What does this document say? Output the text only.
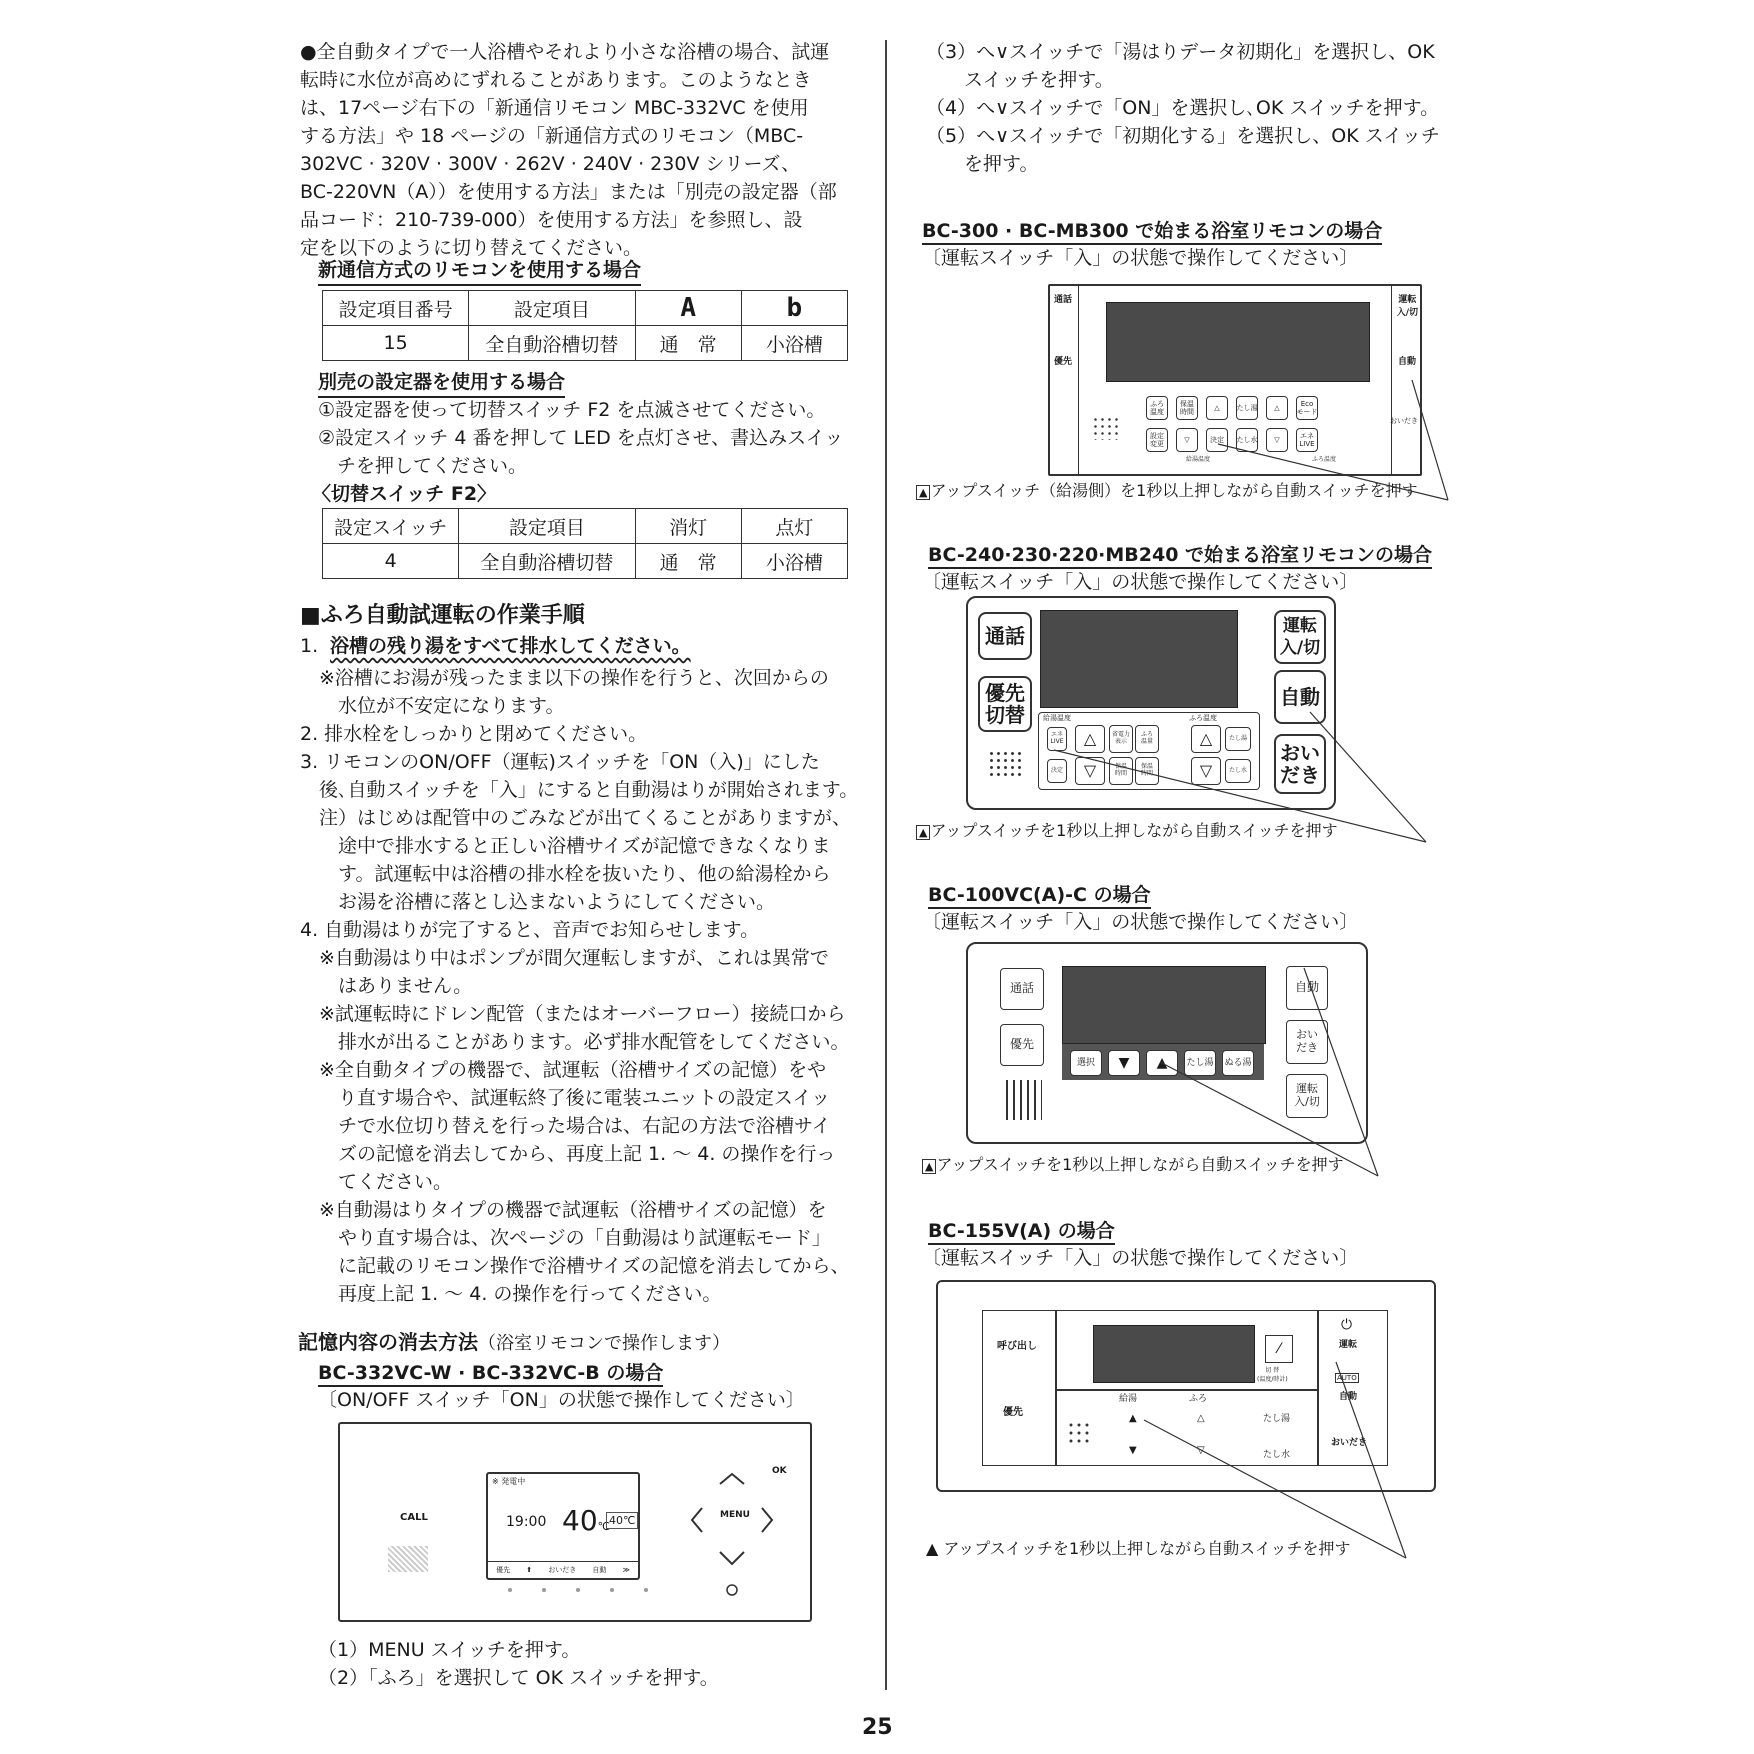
●全自動タイプで一人浴槽やそれより小さな浴槽の場合、試運
転時に水位が高めにずれることがあります。このようなとき
は、17ページ右下の「新通信リモコン MBC-332VC を使用
する方法」や 18 ページの「新通信方式のリモコン（MBC-
302VC · 320V · 300V · 262V · 240V · 230V シリーズ、
BC-220VN（A））を使用する方法」または「別売の設定器（部
品コード：210-739-000）を使用する方法」を参照し、設
定を以下のように切り替えてください。
新通信方式のリモコンを使用する場合
設定項目番号	設定項目	A	b
15	全自動浴槽切替	通　常	小浴槽
別売の設定器を使用する場合
①設定器を使って切替スイッチ F2 を点滅させてください。
②設定スイッチ 4 番を押して LED を点灯させ、書込みスイッ
　チを押してください。
〈切替スイッチ F2〉
設定スイッチ	設定項目	消灯	点灯
4	全自動浴槽切替	通　常	小浴槽
■ふろ自動試運転の作業手順
1. 浴槽の残り湯をすべて排水してください。
　※浴槽にお湯が残ったまま以下の操作を行うと、次回からの
　　水位が不安定になります。
2. 排水栓をしっかりと閉めてください。
3. リモコンのON/OFF（運転)スイッチを「ON（入)」にした
　後､自動スイッチを「入」にすると自動湯はりが開始されます。
　注）はじめは配管中のごみなどが出てくることがありますが、
　　途中で排水すると正しい浴槽サイズが記憶できなくなりま
　　す。試運転中は浴槽の排水栓を抜いたり、他の給湯栓から
　　お湯を浴槽に落とし込まないようにしてください。
4. 自動湯はりが完了すると、音声でお知らせします。
　※自動湯はり中はポンプが間欠運転しますが、これは異常で
　　はありません。
　※試運転時にドレン配管（またはオーバーフロー）接続口から
　　排水が出ることがあります。必ず排水配管をしてください。
　※全自動タイプの機器で、試運転（浴槽サイズの記憶）をや
　　り直す場合や、試運転終了後に電装ユニットの設定スイッ
　　チで水位切り替えを行った場合は、右記の方法で浴槽サイ
　　ズの記憶を消去してから、再度上記 1. ～ 4. の操作を行っ
　　てください。
　※自動湯はりタイプの機器で試運転（浴槽サイズの記憶）を
　　やり直す場合は、次ページの「自動湯はり試運転モード」
　　に記載のリモコン操作で浴槽サイズの記憶を消去してから、
　　再度上記 1. ～ 4. の操作を行ってください。
記憶内容の消去方法（浴室リモコンで操作します）
BC-332VC-W · BC-332VC-B の場合
〔ON/OFF スイッチ「ON」の状態で操作してください〕
CALL
※ 発電中
19:00 40℃ 40℃
優先 ⬆ おいだき 自動 ≫
MENU
OK
（1）MENU スイッチを押す。
（2）「ふろ」を選択して OK スイッチを押す。
（3）へ∨スイッチで「湯はりデータ初期化」を選択し、OK
　　スイッチを押す。
（4）へ∨スイッチで「ON」を選択し､OK スイッチを押す。
（5）へ∨スイッチで「初期化する」を選択し、OK スイッチ
　　を押す。
BC-300 · BC-MB300 で始まる浴室リモコンの場合
〔運転スイッチ「入」の状態で操作してください〕
通話
優先
運転
入/切
自動
おいだき
ふろ
温度
保温
時間
△	たし湯	△
Eco
モード
設定
変更
▽	決定	たし水	▽
エネ
LIVE
給湯温度	ふろ温度
▲ アップスイッチ（給湯側）を1秒以上押しながら自動スイッチを押す
BC-240·230·220·MB240 で始まる浴室リモコンの場合
〔運転スイッチ「入」の状態で操作してください〕
通話
優先
切替
運転
入/切
自動
おい
だき
給湯温度	ふろ温度
エネ
LIVE
決定
△
▽
省電力
表示
ふろ
温量
保温
時間
保温
時間
△
▽
たし湯
たし水
▲ アップスイッチを1秒以上押しながら自動スイッチを押す
BC-100VC(A)-C の場合
〔運転スイッチ「入」の状態で操作してください〕
通話
優先
選択	▼	▲	たし湯 ぬる湯
自動
おい
だき
運転
入/切
▲ アップスイッチを1秒以上押しながら自動スイッチを押す
BC-155V(A) の場合
〔運転スイッチ「入」の状態で操作してください〕
呼び出し
優先
⁄
切 替
(温度/時計)
給湯	ふろ
▲
▼
△
▽
たし湯
たし水
⏻
運転
AUTO
自動
おいだき
▲ アップスイッチを1秒以上押しながら自動スイッチを押す
25
